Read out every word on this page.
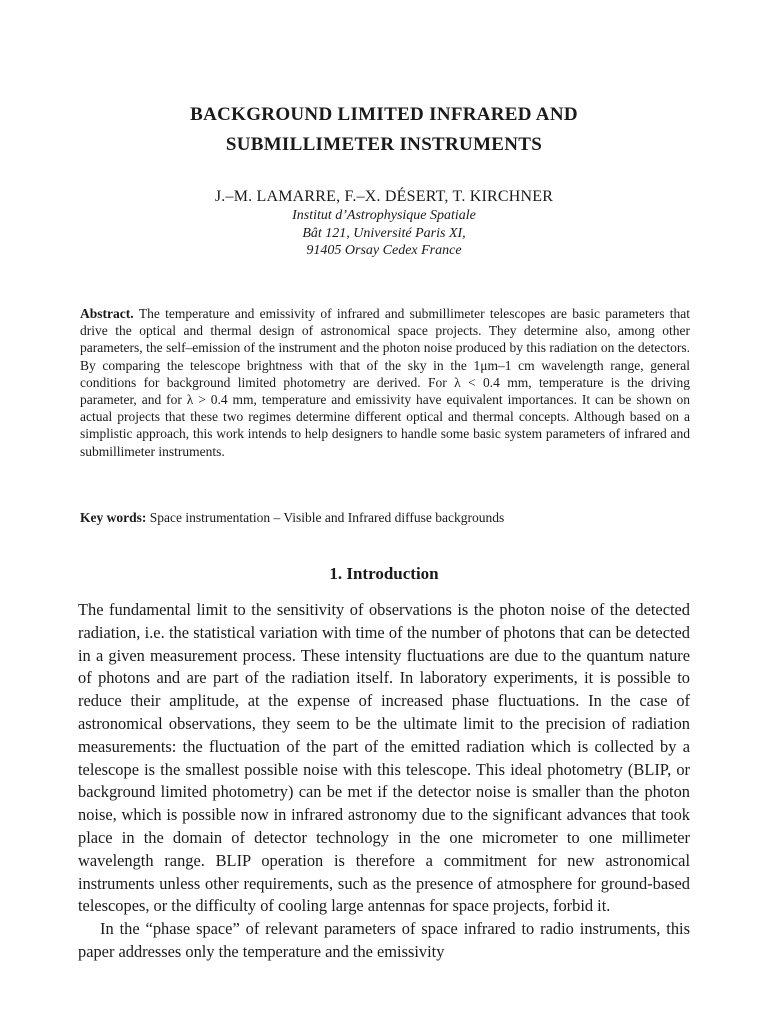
BACKGROUND LIMITED INFRARED AND
SUBMILLIMETER INSTRUMENTS
J.–M. LAMARRE, F.–X. DÉSERT, T. KIRCHNER
Institut d’Astrophysique Spatiale
Bât 121, Université Paris XI,
91405 Orsay Cedex France
Abstract. The temperature and emissivity of infrared and submillimeter telescopes are basic parameters that drive the optical and thermal design of astronomical space projects. They determine also, among other parameters, the self–emission of the instrument and the photon noise produced by this radiation on the detectors. By comparing the telescope brightness with that of the sky in the 1μm–1 cm wavelength range, general conditions for background limited photometry are derived. For λ < 0.4 mm, temperature is the driving parameter, and for λ > 0.4 mm, temperature and emissivity have equivalent importances. It can be shown on actual projects that these two regimes determine different optical and thermal concepts. Although based on a simplistic approach, this work intends to help designers to handle some basic system parameters of infrared and submillimeter instruments.
Key words: Space instrumentation – Visible and Infrared diffuse backgrounds
1. Introduction

The fundamental limit to the sensitivity of observations is the photon noise of the detected radiation, i.e. the statistical variation with time of the number of photons that can be detected in a given measurement process. These intensity fluctuations are due to the quantum nature of photons and are part of the radiation itself. In laboratory experiments, it is possible to reduce their amplitude, at the expense of increased phase fluctuations. In the case of astronomical observations, they seem to be the ultimate limit to the precision of radiation measurements: the fluctuation of the part of the emitted radiation which is collected by a telescope is the smallest possible noise with this telescope. This ideal photometry (BLIP, or background limited photometry) can be met if the detector noise is smaller than the photon noise, which is possible now in infrared astronomy due to the significant advances that took place in the domain of detector technology in the one micrometer to one millimeter wavelength range. BLIP operation is therefore a commitment for new astronomical instruments unless other requirements, such as the presence of atmosphere for ground-based telescopes, or the difficulty of cooling large antennas for space projects, forbid it.

In the “phase space” of relevant parameters of space infrared to radio instruments, this paper addresses only the temperature and the emissivity
